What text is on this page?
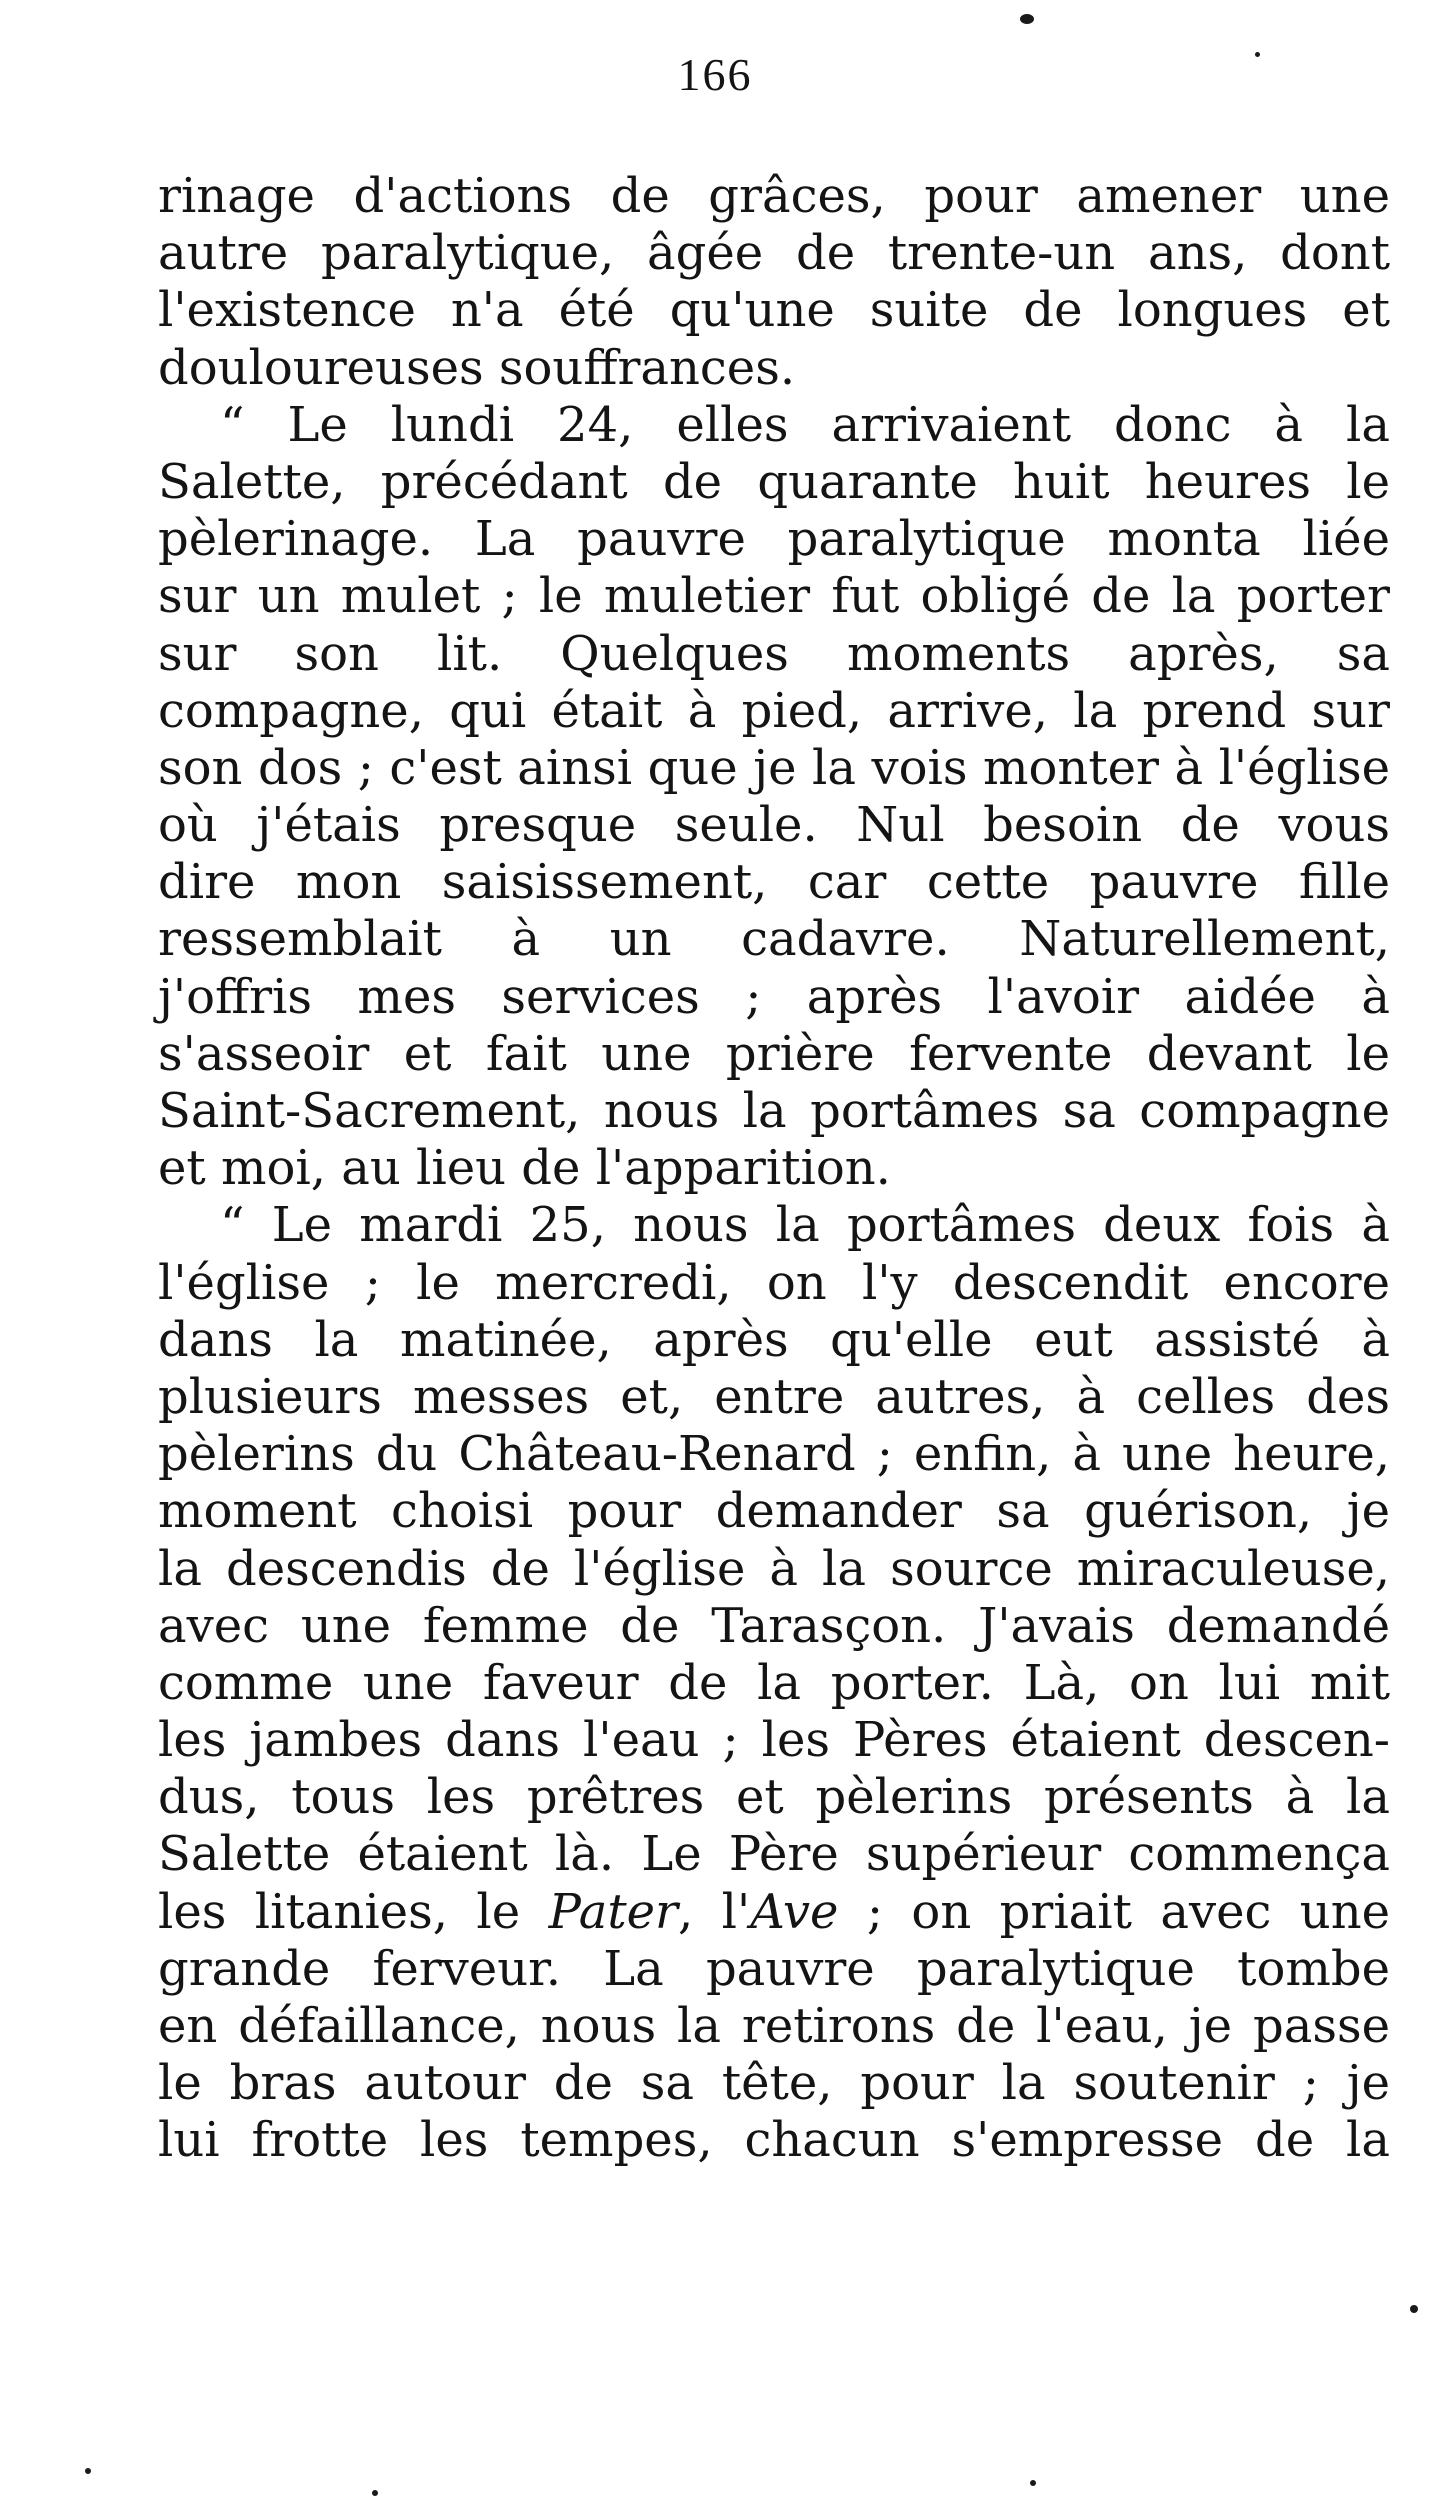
166
rinage d'actions de grâces, pour amener une
autre paralytique, âgée de trente-un ans, dont
l'existence n'a été qu'une suite de longues et
douloureuses souffrances.
“ Le lundi 24, elles arrivaient donc à la
Salette, précédant de quarante huit heures le
pèlerinage. La pauvre paralytique monta liée
sur un mulet ; le muletier fut obligé de la porter
sur son lit. Quelques moments après, sa
compagne, qui était à pied, arrive, la prend sur
son dos ; c'est ainsi que je la vois monter à l'église
où j'étais presque seule. Nul besoin de vous
dire mon saisissement, car cette pauvre fille
ressemblait à un cadavre. Naturellement,
j'offris mes services ; après l'avoir aidée à
s'asseoir et fait une prière fervente devant le
Saint-Sacrement, nous la portâmes sa compagne
et moi, au lieu de l'apparition.
“ Le mardi 25, nous la portâmes deux fois à
l'église ; le mercredi, on l'y descendit encore
dans la matinée, après qu'elle eut assisté à
plusieurs messes et, entre autres, à celles des
pèlerins du Château-Renard ; enfin, à une heure,
moment choisi pour demander sa guérison, je
la descendis de l'église à la source miraculeuse,
avec une femme de Tarasçon. J'avais demandé
comme une faveur de la porter. Là, on lui mit
les jambes dans l'eau ; les Pères étaient descen-
dus, tous les prêtres et pèlerins présents à la
Salette étaient là. Le Père supérieur commença
les litanies, le Pater, l'Ave ; on priait avec une
grande ferveur. La pauvre paralytique tombe
en défaillance, nous la retirons de l'eau, je passe
le bras autour de sa tête, pour la soutenir ; je
lui frotte les tempes, chacun s'empresse de la
